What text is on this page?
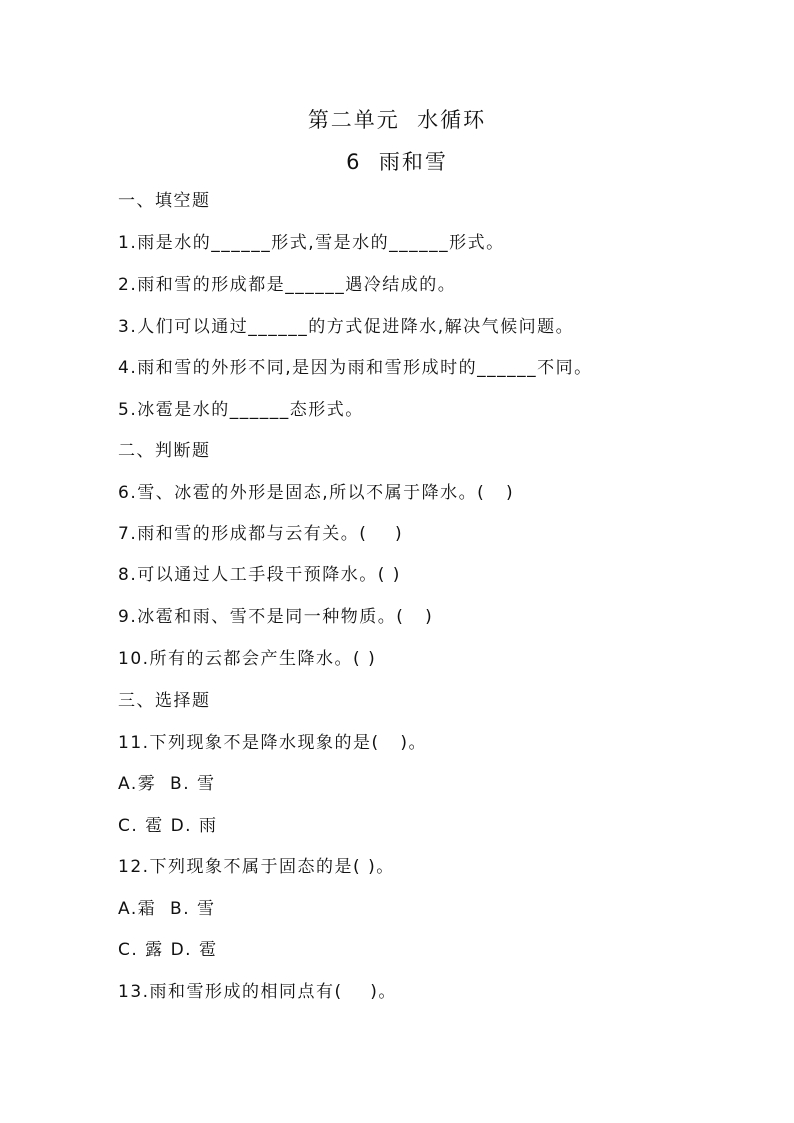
第二单元  水循环
6  雨和雪
一、填空题
1.雨是水的______形式,雪是水的______形式。
2.雨和雪的形成都是______遇冷结成的。
3.人们可以通过______的方式促进降水,解决气候问题。
4.雨和雪的外形不同,是因为雨和雪形成时的______不同。
5.冰雹是水的______态形式。
二、判断题
6.雪、冰雹的外形是固态,所以不属于降水。(   )
7.雨和雪的形成都与云有关。(    )
8.可以通过人工手段干预降水。( )
9.冰雹和雨、雪不是同一种物质。(   )
10.所有的云都会产生降水。( )
三、选择题
11.下列现象不是降水现象的是(   )。
A.雾  B. 雪
C. 雹 D. 雨
12.下列现象不属于固态的是( )。
A.霜  B. 雪
C. 露 D. 雹
13.雨和雪形成的相同点有(    )。
